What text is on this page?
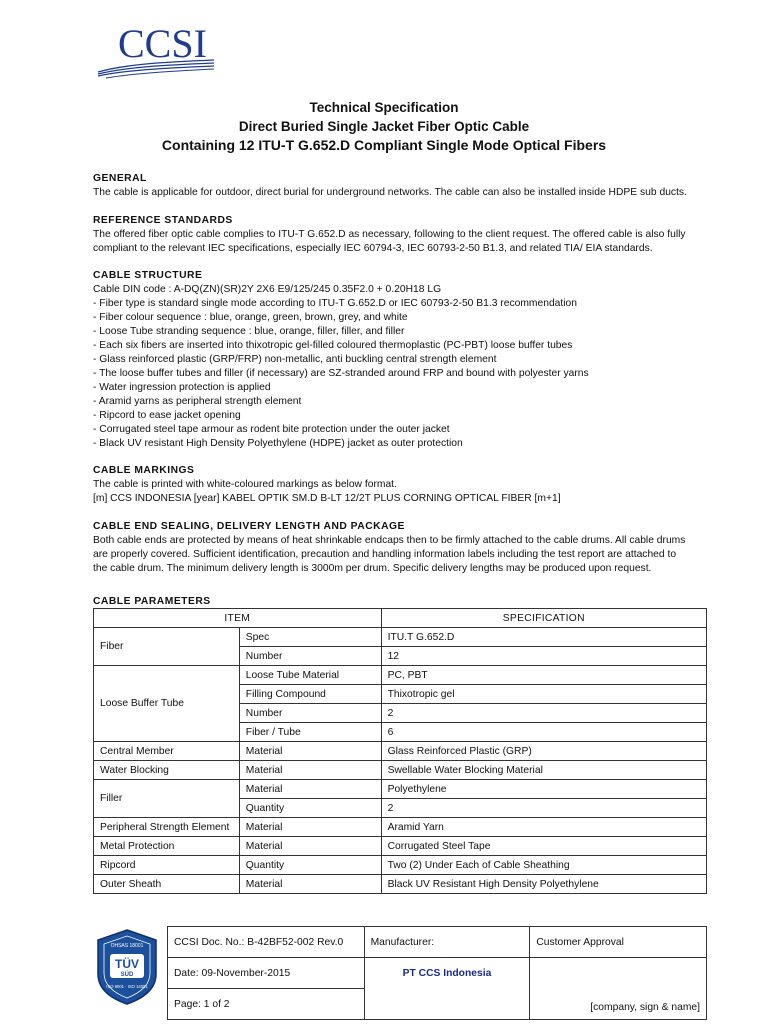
CCSI
Technical Specification
Direct Buried Single Jacket Fiber Optic Cable
Containing 12 ITU-T G.652.D Compliant Single Mode Optical Fibers
GENERAL

The cable is applicable for outdoor, direct burial for underground networks. The cable can also be installed inside HDPE sub ducts.

REFERENCE STANDARDS

The offered fiber optic cable complies to ITU-T G.652.D as necessary, following to the client request. The offered cable is also fully

compliant to the relevant IEC specifications, especially IEC 60794-3, IEC 60793-2-50 B1.3, and related TIA/ EIA standards.

CABLE STRUCTURE

Cable DIN code : A-DQ(ZN)(SR)2Y 2X6 E9/125/245 0.35F2.0 + 0.20H18 LG

- Fiber type is standard single mode according to ITU-T G.652.D or IEC 60793-2-50 B1.3 recommendation

- Fiber colour sequence : blue, orange, green, brown, grey, and white

- Loose Tube stranding sequence : blue, orange, filler, filler, and filler

- Each six fibers are inserted into thixotropic gel-filled coloured thermoplastic (PC-PBT) loose buffer tubes

- Glass reinforced plastic (GRP/FRP) non-metallic, anti buckling central strength element

- The loose buffer tubes and filler (if necessary) are SZ-stranded around FRP and bound with polyester yarns

- Water ingression protection is applied

- Aramid yarns as peripheral strength element

- Ripcord to ease jacket opening

- Corrugated steel tape armour as rodent bite protection under the outer jacket

- Black UV resistant High Density Polyethylene (HDPE) jacket as outer protection

CABLE MARKINGS

The cable is printed with white-coloured markings as below format.

[m] CCS INDONESIA [year] KABEL OPTIK SM.D B-LT 12/2T PLUS CORNING OPTICAL FIBER [m+1]

CABLE END SEALING, DELIVERY LENGTH AND PACKAGE

Both cable ends are protected by means of heat shrinkable endcaps then to be firmly attached to the cable drums. All cable drums

are properly covered. Sufficient identification, precaution and handling information labels including the test report are attached to

the cable drum. The minimum delivery length is 3000m per drum. Specific delivery lengths may be produced upon request.

CABLE PARAMETERS
ITEM		SPECIFICATION
Fiber	Spec	ITU.T G.652.D
	Number	12
Loose Buffer Tube	Loose Tube Material	PC, PBT
	Filling Compound	Thixotropic gel
	Number	2
	Fiber / Tube	6
Central Member	Material	Glass Reinforced Plastic (GRP)
Water Blocking	Material	Swellable Water Blocking Material
Filler	Material	Polyethylene
	Quantity	2
Peripheral Strength Element	Material	Aramid Yarn
Metal Protection	Material	Corrugated Steel Tape
Ripcord	Quantity	Two (2) Under Each of Cable Sheathing
Outer Sheath	Material	Black UV Resistant High Density Polyethylene
OHSAS 18001
TÜV
SÜD
ISO 9001 · ISO 14001
CCSI Doc. No.: B-42BF52-002 Rev.0	Manufacturer:	Customer Approval
Date: 09-November-2015	PT CCS Indonesia	[company, sign & name]
Page: 1 of 2		
